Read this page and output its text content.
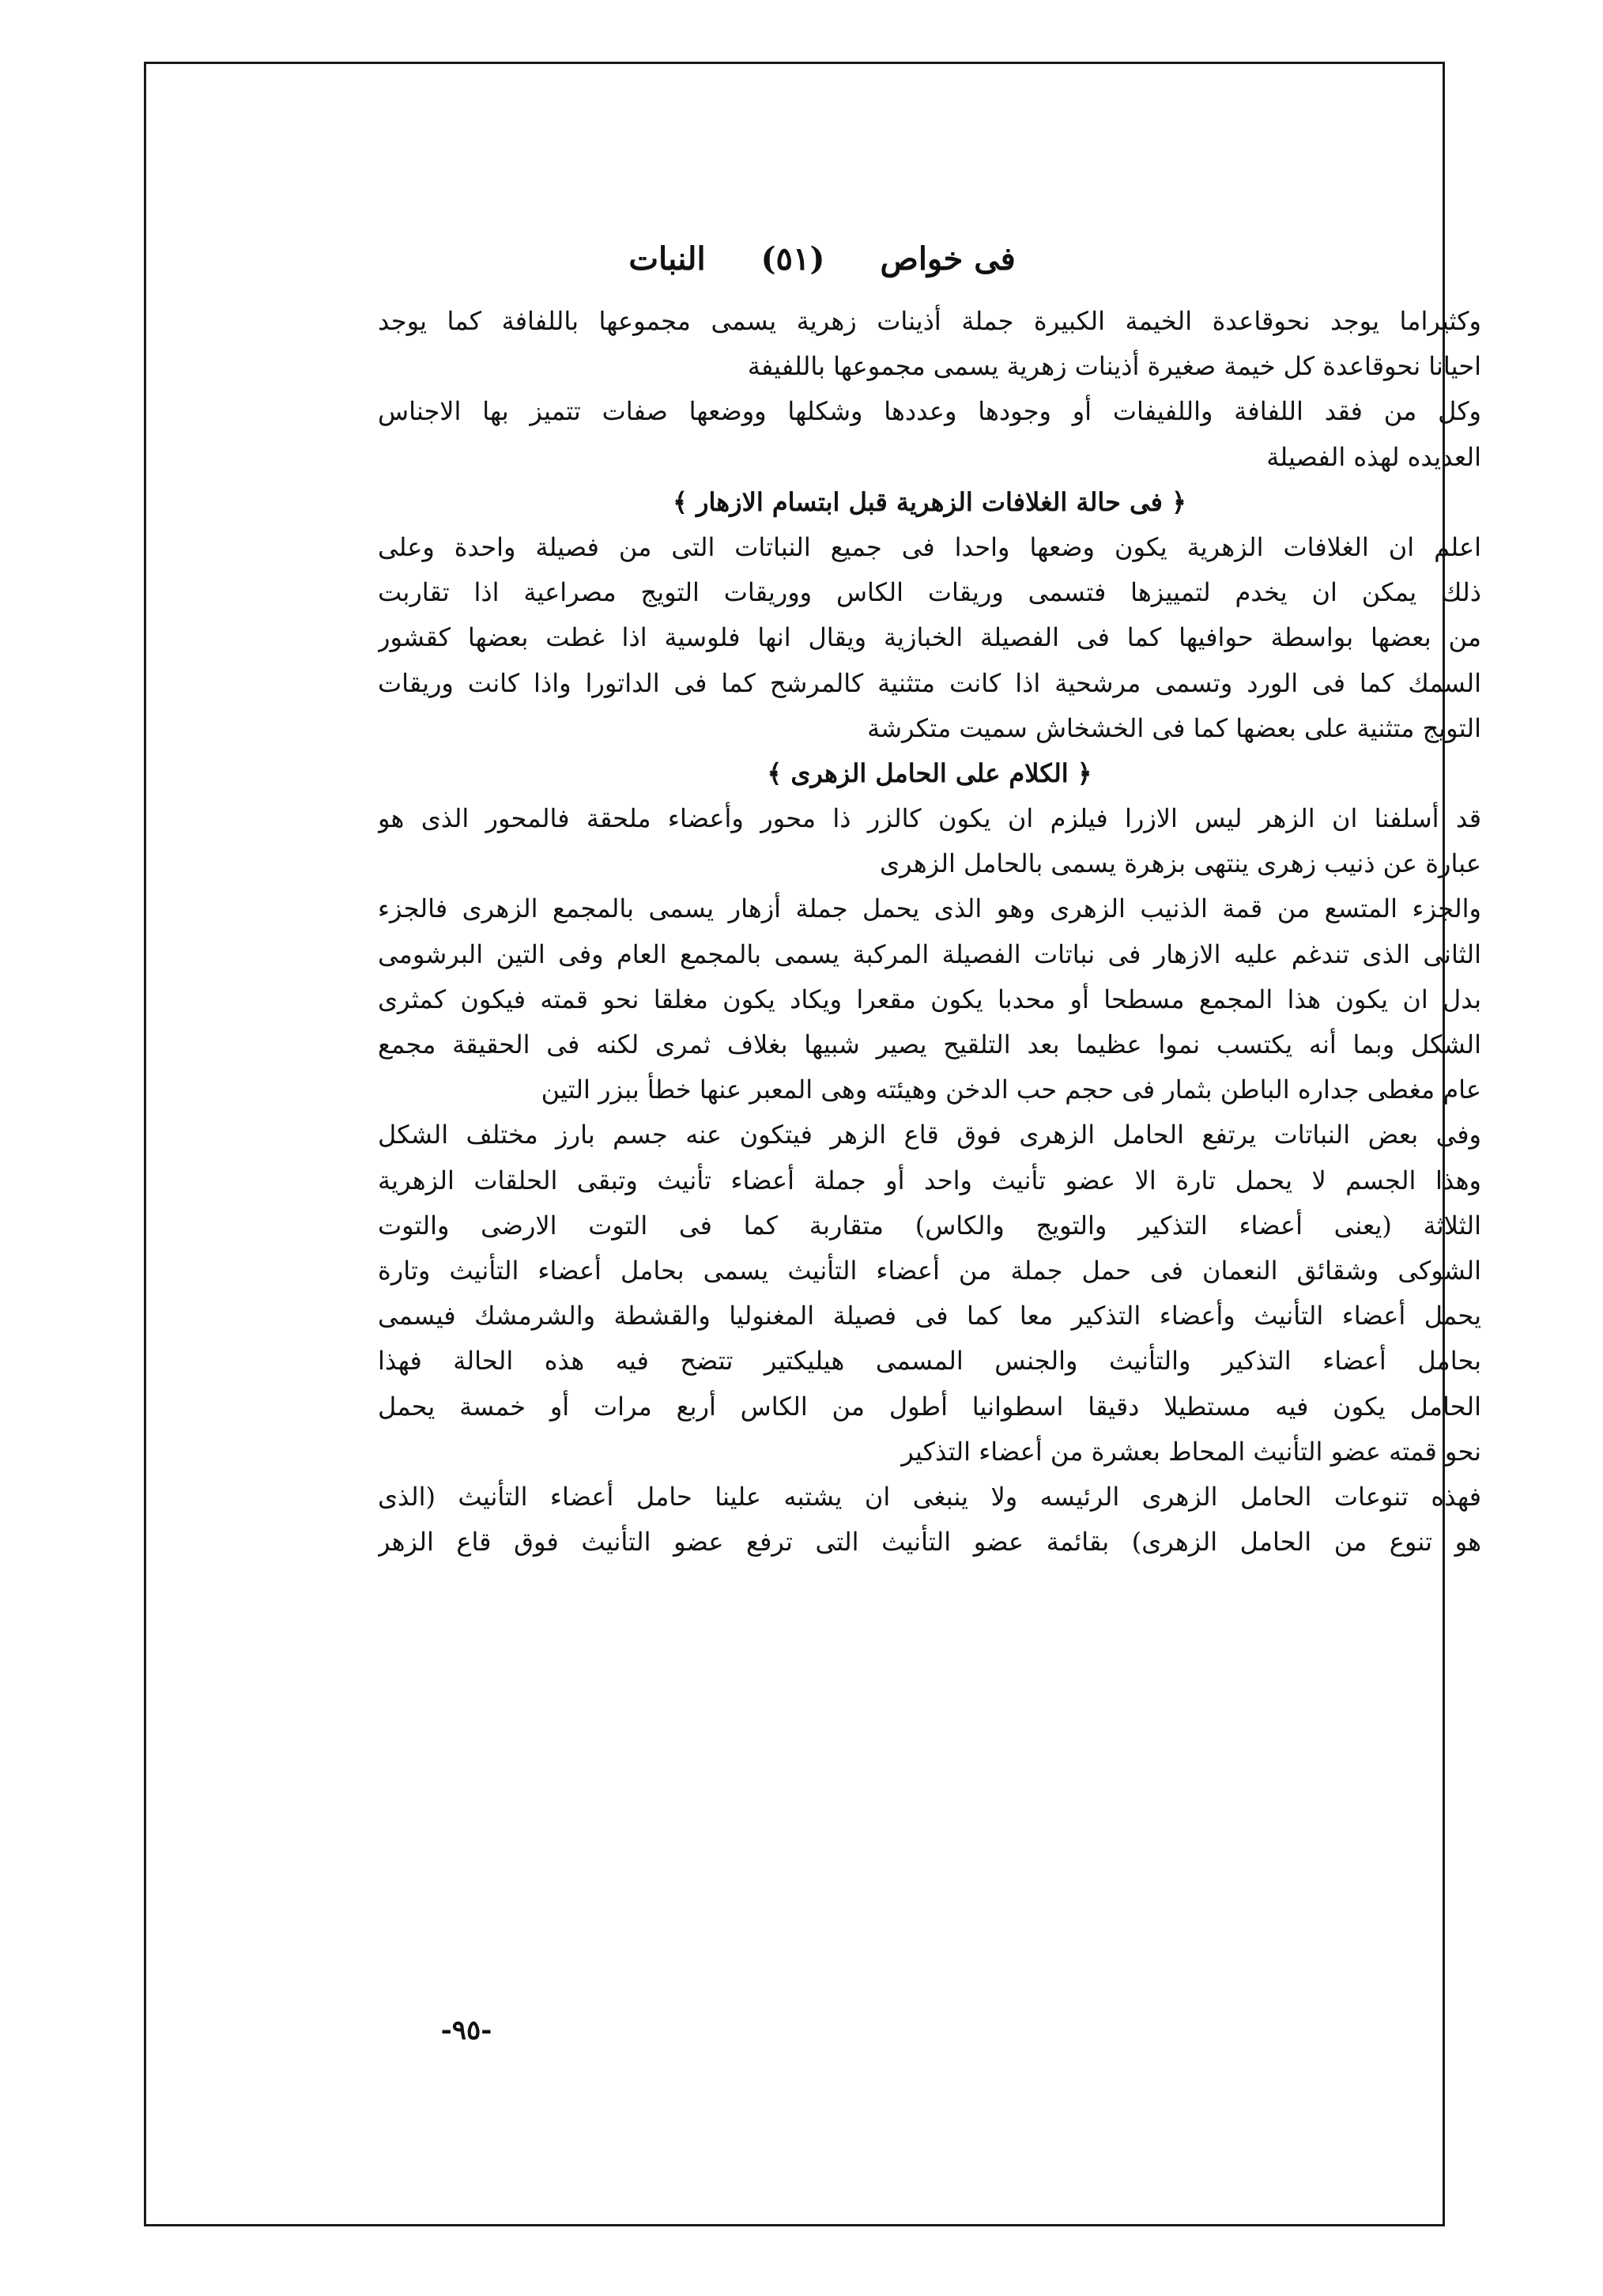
فى خواص
(٥١)
النبات
وكثيراما يوجد نحوقاعدة الخيمة الكبيرة جملة أذينات زهرية يسمى مجموعها باللفافة كما يوجد
احيانا نحوقاعدة كل خيمة صغيرة أذينات زهرية يسمى مجموعها باللفيفة
وكل من فقد اللفافة واللفيفات أو وجودها وعددها وشكلها ووضعها صفات تتميز بها الاجناس
العديده لهذه الفصيلة
﴿ فى حالة الغلافات الزهرية قبل ابتسام الازهار ﴾
اعلم ان الغلافات الزهرية يكون وضعها واحدا فى جميع النباتات التى من فصيلة واحدة وعلى
ذلك يمكن ان يخدم لتمييزها فتسمى وريقات الكاس ووريقات التويج مصراعية اذا تقاربت
من بعضها بواسطة حوافيها كما فى الفصيلة الخبازية ويقال انها فلوسية اذا غطت بعضها كقشور
السمك كما فى الورد وتسمى مرشحية اذا كانت متثنية كالمرشح كما فى الداتورا واذا كانت وريقات
التويج متثنية على بعضها كما فى الخشخاش سميت متكرشة
﴿ الكلام على الحامل الزهرى ﴾
قد أسلفنا ان الزهر ليس الازرا فيلزم ان يكون كالزر ذا محور وأعضاء ملحقة فالمحور الذى هو
عبارة عن ذنيب زهرى ينتهى بزهرة يسمى بالحامل الزهرى
والجزء المتسع من قمة الذنيب الزهرى وهو الذى يحمل جملة أزهار يسمى بالمجمع الزهرى فالجزء
الثانى الذى تندغم عليه الازهار فى نباتات الفصيلة المركبة يسمى بالمجمع العام وفى التين البرشومى
بدل ان يكون هذا المجمع مسطحا أو محدبا يكون مقعرا ويكاد يكون مغلقا نحو قمته فيكون كمثرى
الشكل وبما أنه يكتسب نموا عظيما بعد التلقيح يصير شبيها بغلاف ثمرى لكنه فى الحقيقة مجمع
عام مغطى جداره الباطن بثمار فى حجم حب الدخن وهيئته وهى المعبر عنها خطأ ببزر التين
وفى بعض النباتات يرتفع الحامل الزهرى فوق قاع الزهر فيتكون عنه جسم بارز مختلف الشكل
وهذا الجسم لا يحمل تارة الا عضو تأنيث واحد أو جملة أعضاء تأنيث وتبقى الحلقات الزهرية
الثلاثة (يعنى أعضاء التذكير والتويج والكاس) متقاربة كما فى التوت الارضى والتوت
الشوكى وشقائق النعمان فى حمل جملة من أعضاء التأنيث يسمى بحامل أعضاء التأنيث وتارة
يحمل أعضاء التأنيث وأعضاء التذكير معا كما فى فصيلة المغنوليا والقشطة والشرمشك فيسمى
بحامل أعضاء التذكير والتأنيث والجنس المسمى هيليكتير تتضح فيه هذه الحالة فهذا
الحامل يكون فيه مستطيلا دقيقا اسطوانيا أطول من الكاس أربع مرات أو خمسة يحمل
نحو قمته عضو التأنيث المحاط بعشرة من أعضاء التذكير
فهذه تنوعات الحامل الزهرى الرئيسه ولا ينبغى ان يشتبه علينا حامل أعضاء التأنيث (الذى
هو تنوع من الحامل الزهرى) بقائمة عضو التأنيث التى ترفع عضو التأنيث فوق قاع الزهر
-٩٥-
